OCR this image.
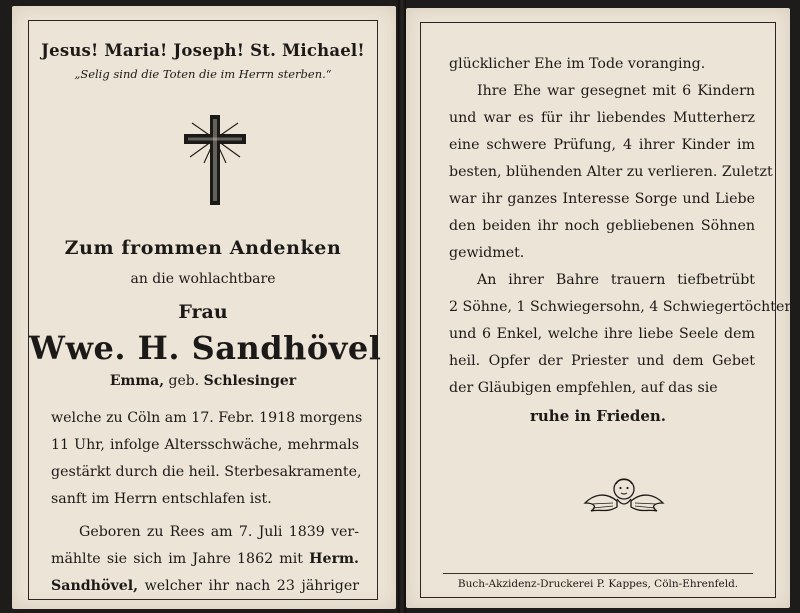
Jesus! Maria! Joseph! St. Michael!
„Selig sind die Toten die im Herrn sterben.“
Zum frommen Andenken
an die wohlachtbare
Frau
Wwe. H. Sandhövel
Emma, geb. Schlesinger
welche zu Cöln am 17. Febr. 1918 morgens
11 Uhr, infolge Altersschwäche, mehrmals
gestärkt durch die heil. Sterbesakramente,
sanft im Herrn entschlafen ist.
Geboren zu Rees am 7. Juli 1839 ver-
mählte sie sich im Jahre 1862 mit Herm.
Sandhövel, welcher ihr nach 23 jähriger
glücklicher Ehe im Tode voranging.
Ihre Ehe war gesegnet mit 6 Kindern
und war es für ihr liebendes Mutterherz
eine schwere Prüfung, 4 ihrer Kinder im
besten, blühenden Alter zu verlieren. Zuletzt
war ihr ganzes Interesse Sorge und Liebe
den beiden ihr noch gebliebenen Söhnen
gewidmet.
An ihrer Bahre trauern tiefbetrübt
2 Söhne, 1 Schwiegersohn, 4 Schwiegertöchter
und 6 Enkel, welche ihre liebe Seele dem
heil. Opfer der Priester und dem Gebet
der Gläubigen empfehlen, auf das sie
ruhe in Frieden.
Buch-Akzidenz-Druckerei P. Kappes, Cöln-Ehrenfeld.
